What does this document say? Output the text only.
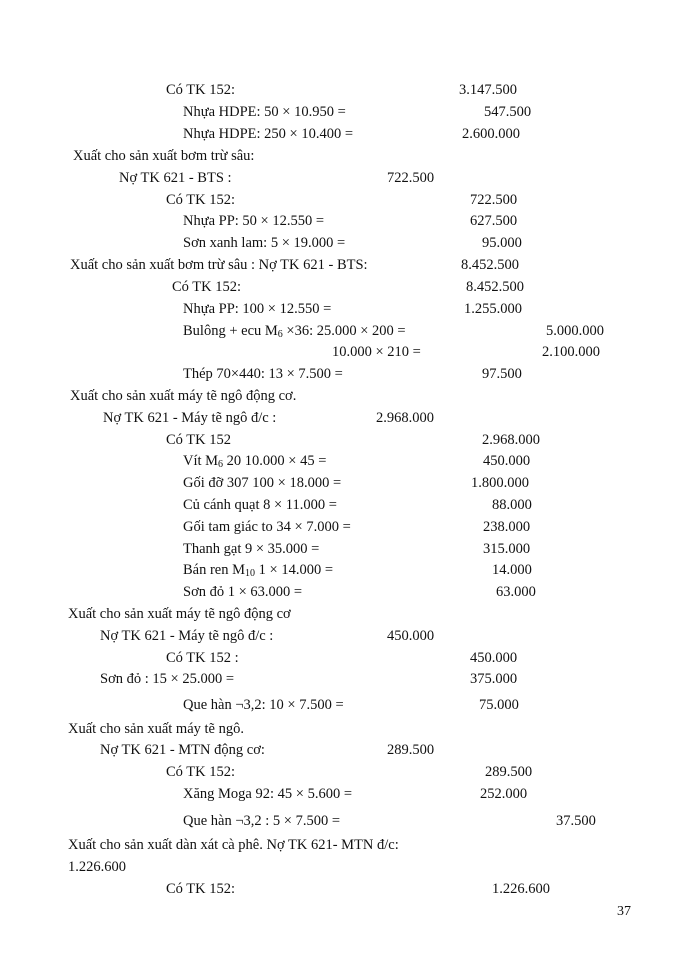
Có TK 152:	3.147.500
Nhựa HDPE: 50 × 10.950 =	547.500
Nhựa HDPE: 250 × 10.400 =	2.600.000
Xuất cho sản xuất bơm trừ sâu:
Nợ TK 621 - BTS :	722.500
Có TK 152:	722.500
Nhựa PP: 50 × 12.550 =	627.500
Sơn xanh lam: 5 × 19.000 =	95.000
Xuất cho sản xuất bơm trừ sâu : Nợ TK 621 - BTS:	8.452.500
Có TK 152:	8.452.500
Nhựa PP: 100 × 12.550 =	1.255.000
Bulông + ecu $M_6 \times 36$: 25.000 × 200 =	5.000.000
10.000 × 210 =	2.100.000
Thép 70×440: 13 × 7.500 =	97.500
Xuất cho sản xuất máy tẽ ngô động cơ.
Nợ TK 621 - Máy tẽ ngô đ/c :	2.968.000
Có TK 152	2.968.000
Vít $M_6$ 20 10.000 × 45 =	450.000
Gối đỡ 307 100 × 18.000 =	1.800.000
Củ cánh quạt 8 × 11.000 =	88.000
Gối tam giác to 34 × 7.000 =	238.000
Thanh gạt 9 × 35.000 =	315.000
Bán ren $M_{10}$ 1 × 14.000 =	14.000
Sơn đỏ 1 × 63.000 =	63.000
Xuất cho sản xuất máy tẽ ngô động cơ
Nợ TK 621 - Máy tẽ ngô đ/c :	450.000
Có TK 152 :	450.000
Sơn đỏ : 15 × 25.000 =	375.000
Que hàn ¬3,2: 10 × 7.500 =	75.000
Xuất cho sản xuất máy tẽ ngô.
Nợ TK 621 - MTN động cơ:	289.500
Có TK 152:	289.500
Xăng Moga 92: 45 × 5.600 =	252.000
Que hàn ¬3,2 : 5 × 7.500 =	37.500
Xuất cho sản xuất dàn xát cà phê. Nợ TK 621- MTN đ/c:
1.226.600
Có TK 152:	1.226.600
37
